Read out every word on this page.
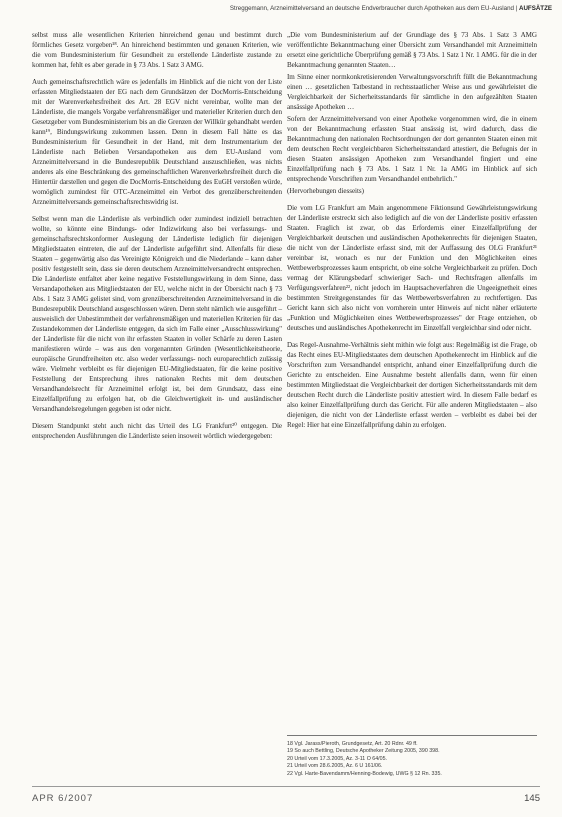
Streggemann, Arzneimittelversand an deutsche Endverbraucher durch Apotheken aus dem EU-Ausland | AUFSÄTZE

selbst muss alle wesentlichen Kriterien hinreichend genau und bestimmt durch förmliches Gesetz vorgeben¹⁸. An hinreichend bestimmten und genauen Kriterien, wie die vom Bundesministerium für Gesundheit zu erstellende Länderliste zustande zu kommen hat, fehlt es aber gerade in § 73 Abs. 1 Satz 3 AMG.

Auch gemeinschaftsrechtlich wäre es jedenfalls im Hinblick auf die nicht von der Liste erfassten Mitgliedstaaten der EG nach dem Grundsätzen der DocMorris-Entscheidung mit der Warenverkehrsfreiheit des Art. 28 EGV nicht vereinbar, wollte man der Länderliste, die mangels Vorgabe verfahrensmäßiger und materieller Kriterien durch den Gesetzgeber vom Bundesministerium bis an die Grenzen der Willkür gehandhabt werden kann¹⁹, Bindungswirkung zukommen lassen. Denn in diesem Fall hätte es das Bundesministerium für Gesundheit in der Hand, mit dem Instrumentarium der Länderliste nach Belieben Versandapotheken aus dem EU-Ausland vom Arzneimittelversand in die Bundesrepublik Deutschland auszuschließen, was nichts anderes als eine Beschränkung des gemeinschaftlichen Warenverkehrsfreiheit durch die Hintertür darstellen und gegen die DocMorris-Entscheidung des EuGH verstoßen würde, womöglich zumindest für OTC-Arzneimittel ein Verbot des grenzüberschreitenden Arzneimittelversands gemeinschaftsrechtswidrig ist.

Selbst wenn man die Länderliste als verbindlich oder zumindest indiziell betrachten wollte, so könnte eine Bindungs- oder Indizwirkung also bei verfassungs- und gemeinschaftsrechtskonformer Auslegung der Länderliste lediglich für diejenigen Mitgliedstaaten eintreten, die auf der Länderliste aufgeführt sind. Allenfalls für diese Staaten – gegenwärtig also das Vereinigte Königreich und die Niederlande – kann daher positiv festgestellt sein, dass sie deren deutschem Arzneimittelversandrecht entsprechen. Die Länderliste entfaltet aber keine negative Feststellungswirkung in dem Sinne, dass Versandapotheken aus Mitgliedstaaten der EU, welche nicht in der Übersicht nach § 73 Abs. 1 Satz 3 AMG gelistet sind, vom grenzüberschreitenden Arzneimittelversand in die Bundesrepublik Deutschland ausgeschlossen wären. Denn steht nämlich wie ausgeführt – ausweislich der Unbestimmtheit der verfahrensmäßigen und materiellen Kriterien für das Zustandekommen der Länderliste entgegen, da sich im Falle einer „Ausschlusswirkung" der Länderliste für die nicht von ihr erfassten Staaten in voller Schärfe zu deren Lasten manifestieren würde – was aus den vorgenannten Gründen (Wesentlichkeitstheorie, europäische Grundfreiheiten etc. also weder verfassungs- noch europarechtlich zulässig wäre. Vielmehr verbleibt es für diejenigen EU-Mitgliedstaaten, für die keine positive Feststellung der Entsprechung ihres nationalen Rechts mit dem deutschen Versandhandelsrecht für Arzneimittel erfolgt ist, bei dem Grundsatz, dass eine Einzelfallprüfung zu erfolgen hat, ob die Gleichwertigkeit in- und ausländischer Versandhandelsregelungen gegeben ist oder nicht.

Diesem Standpunkt steht auch nicht das Urteil des LG Frankfurt²⁰ entgegen. Die entsprechenden Ausführungen die Länderliste seien insoweit wörtlich wiedergegeben:

„Die vom Bundesministerium auf der Grundlage des § 73 Abs. 1 Satz 3 AMG veröffentlichte Bekanntmachung einer Übersicht zum Versandhandel mit Arzneimitteln ersetzt eine gerichtliche Überprüfung gemäß § 73 Abs. 1 Satz 1 Nr. 1 AMG. für die in der Bekanntmachung genannten Staaten…

Im Sinne einer normkonkretisierenden Verwaltungsvorschrift füllt die Bekanntmachung einen … gesetzlichen Tatbestand in rechtsstaatlicher Weise aus und gewährleistet die Vergleichbarkeit der Sicherheitsstandards für sämtliche in den aufgezählten Staaten ansässige Apotheken …

Sofern der Arzneimittelversand von einer Apotheke vorgenommen wird, die in einem von der Bekanntmachung erfassten Staat ansässig ist, wird dadurch, dass die Bekanntmachung den nationalen Rechtsordnungen der dort genannten Staaten einen mit dem deutschen Recht vergleichbaren Sicherheitsstandard attestiert, die Befugnis der in diesen Staaten ansässigen Apotheken zum Versandhandel fingiert und eine Einzelfallprüfung nach § 73 Abs. 1 Satz 1 Nr. 1a AMG im Hinblick auf sich entsprechende Vorschriften zum Versandhandel entbehrlich."

(Hervorhebungen diesseits)

Die vom LG Frankfurt am Main angenommene Fiktionsund Gewährleistungswirkung der Länderliste erstreckt sich also lediglich auf die von der Länderliste positiv erfassten Staaten. Fraglich ist zwar, ob das Erfordernis einer Einzelfallprüfung der Vergleichbarkeit deutschen und ausländischen Apothekenrechts für diejenigen Staaten, die nicht von der Länderliste erfasst sind, mit der Auffassung des OLG Frankfurt²¹ vereinbar ist, wonach es nur der Funktion und den Möglichkeiten eines Wettbewerbsprozesses kaum entspricht, ob eine solche Vergleichbarkeit zu prüfen. Doch vermag der Klärungsbedarf schwieriger Sach- und Rechtsfragen allenfalls im Verfügungsverfahren²², nicht jedoch im Hauptsacheverfahren die Ungeeignetheit eines bestimmten Streitgegenstandes für das Wettbewerbsverfahren zu rechtfertigen. Das Gericht kann sich also nicht von vornherein unter Hinweis auf nicht näher erläuterte „Funktion und Möglichkeiten eines Wettbewerbsprozesses" der Frage entziehen, ob deutsches und ausländisches Apothekenrecht im Einzelfall vergleichbar sind oder nicht.

Das Regel-Ausnahme-Verhältnis sieht mithin wie folgt aus: Regelmäßig ist die Frage, ob das Recht eines EU-Mitgliedstaates dem deutschen Apothekenrecht im Hinblick auf die Vorschriften zum Versandhandel entspricht, anhand einer Einzelfallprüfung durch die Gerichte zu entscheiden. Eine Ausnahme besteht allenfalls dann, wenn für einen bestimmten Mitgliedstaat die Vergleichbarkeit der dortigen Sicherheitsstandards mit dem deutschen Recht durch die Länderliste positiv attestiert wird. In diesem Falle bedarf es also keiner Einzelfallprüfung durch das Gericht. Für alle anderen Mitgliedstaaten – also diejenigen, die nicht von der Länderliste erfasst werden – verbleibt es dabei bei der Regel: Hier hat eine Einzelfallprüfung dahin zu erfolgen.

18 Vgl. Jarass/Pieroth, Grundgesetz, Art. 20 Rdnr. 49 ff.
19 So auch Bettling, Deutsche Apotheker Zeitung 2005, 390 398.
20 Urteil vom 17.3.2005, Az. 3-11 O 64/05.
21 Urteil vom 28.6.2005, Az. 6 U 161/06.
22 Vgl. Harte-Bavendamm/Henning-Bodewig, UWG § 12 Rn. 335.
APR 6/2007	145
